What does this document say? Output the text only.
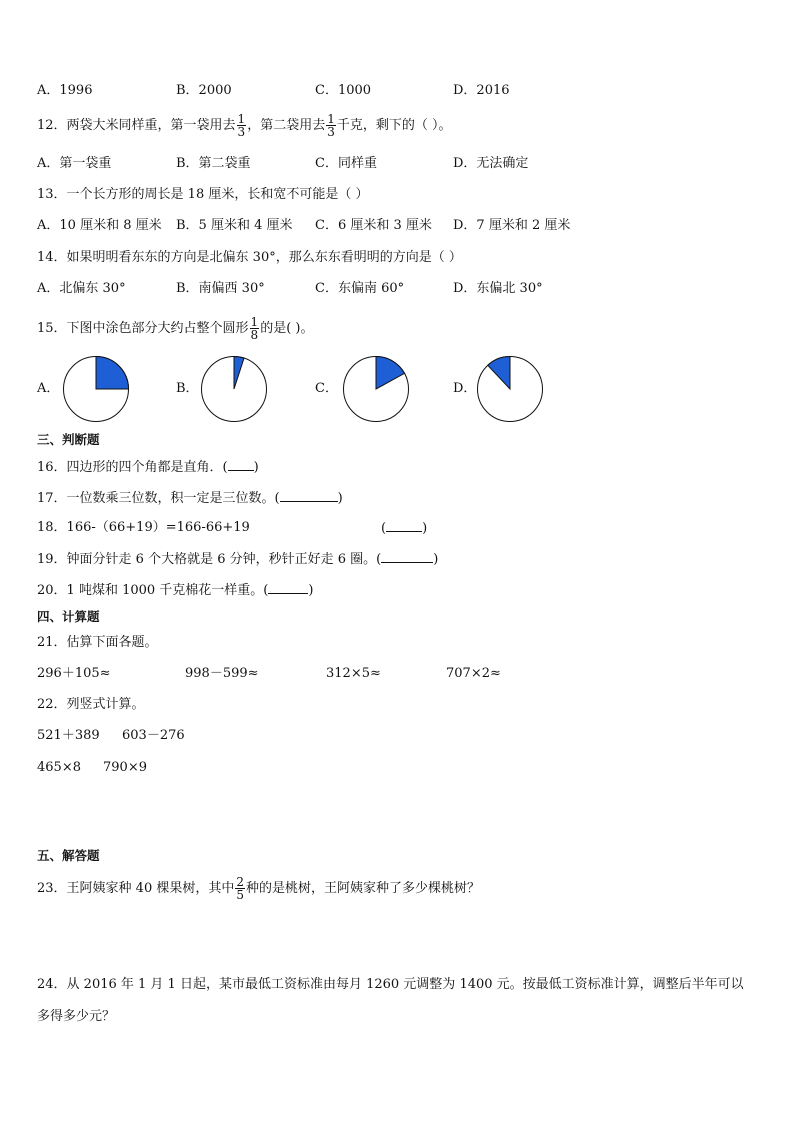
A．1996	B．2000	C．1000	D．2016
12．两袋大米同样重，第一袋用去 $\frac{1}{3}$ ，第二袋用去 $\frac{1}{3}$ 千克，剩下的（ ）。
A．第一袋重	B．第二袋重	C．同样重	D．无法确定
13．一个长方形的周长是 18 厘米，长和宽不可能是（ ）
A．10 厘米和 8 厘米 B．5 厘米和 4 厘米 C．6 厘米和 3 厘米 D．7 厘米和 2 厘米
14．如果明明看东东的方向是北偏东 30°，那么东东看明明的方向是（ ）
A．北偏东 30°	B．南偏西 30°	C．东偏南 60°	D．东偏北 30°
15．下图中涂色部分大约占整个圆形 $\frac{1}{8}$ 的是( )。
A．	B．	C．	D．
三、判断题
16．四边形的四个角都是直角．( )
17．一位数乘三位数，积一定是三位数。(	)
18．166-（66+19）=166-66+19	(	)
19．钟面分针走 6 个大格就是 6 分钟，秒针正好走 6 圈。(	)
20．1 吨煤和 1000 千克棉花一样重。(	)
四、计算题
21．估算下面各题。
296＋105≈	998－599≈	312×5≈	707×2≈
22．列竖式计算。
521＋389 603－276
465×8 790×9
五、解答题
23．王阿姨家种 40 棵果树，其中 $\frac{2}{5}$ 种的是桃树，王阿姨家种了多少棵桃树？
24．从 2016 年 1 月 1 日起，某市最低工资标准由每月 1260 元调整为 1400 元。按最低工资标准计算，调整后半年可以
多得多少元？
